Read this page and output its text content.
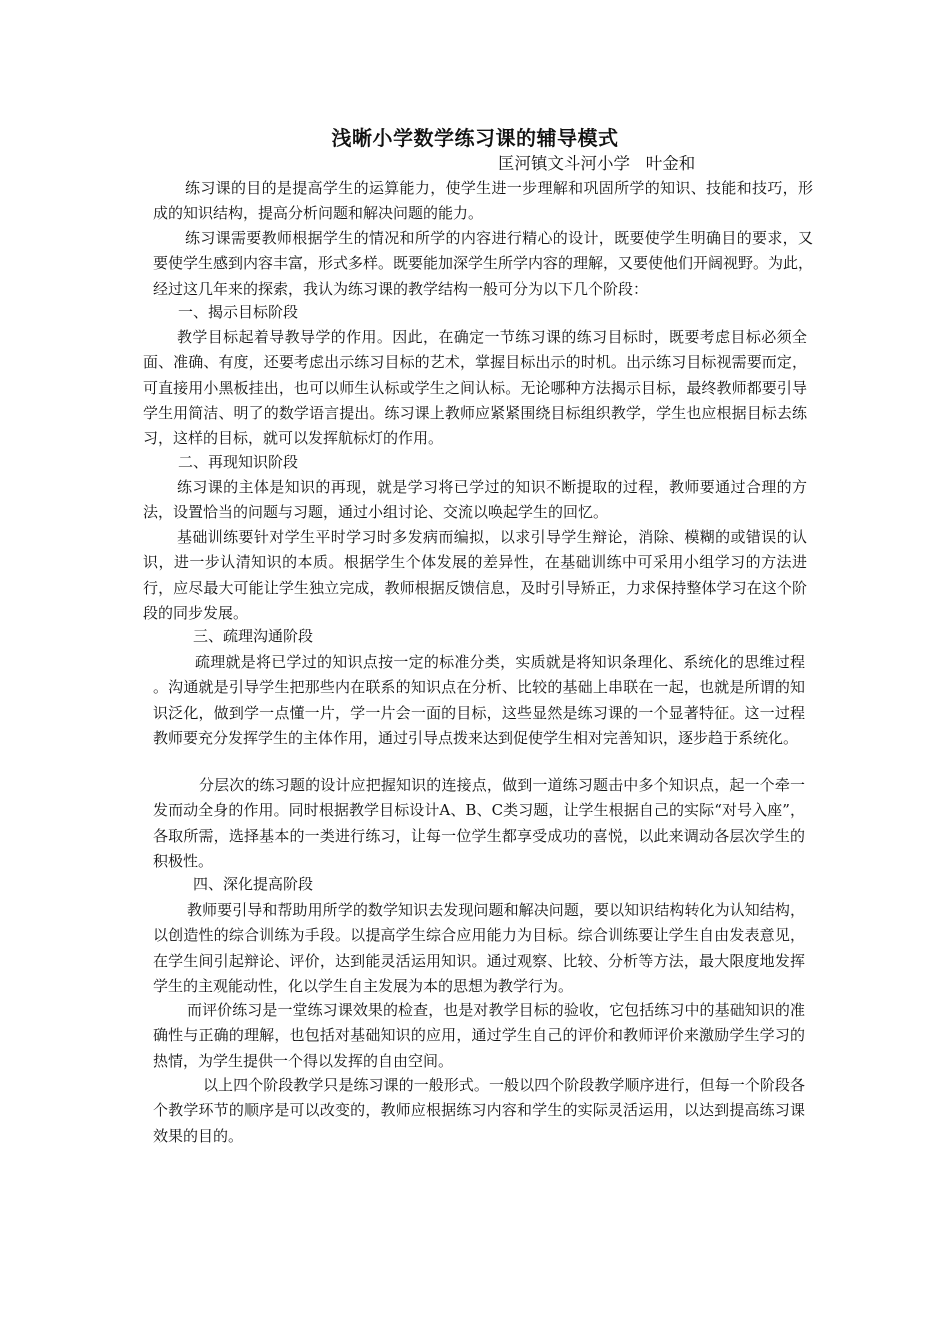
浅晰小学数学练习课的辅导模式
匡河镇文斗河小学   叶金和
练习课的目的是提高学生的运算能力，使学生进一步理解和巩固所学的知识、技能和技巧，形成的知识结构，提高分析问题和解决问题的能力。
练习课需要教师根据学生的情况和所学的内容进行精心的设计，既要使学生明确目的要求，又要使学生感到内容丰富，形式多样。既要能加深学生所学内容的理解，又要使他们开阔视野。为此，经过这几年来的探索，我认为练习课的教学结构一般可分为以下几个阶段：
一、揭示目标阶段
教学目标起着导教导学的作用。因此，在确定一节练习课的练习目标时，既要考虑目标必须全面、准确、有度，还要考虑出示练习目标的艺术，掌握目标出示的时机。出示练习目标视需要而定，可直接用小黑板挂出，也可以师生认标或学生之间认标。无论哪种方法揭示目标，最终教师都要引导学生用简洁、明了的数学语言提出。练习课上教师应紧紧围绕目标组织教学，学生也应根据目标去练习，这样的目标，就可以发挥航标灯的作用。
二、再现知识阶段
练习课的主体是知识的再现，就是学习将已学过的知识不断提取的过程，教师要通过合理的方法，设置恰当的问题与习题，通过小组讨论、交流以唤起学生的回忆。
基础训练要针对学生平时学习时多发病而编拟，以求引导学生辩论，消除、模糊的或错误的认识，进一步认清知识的本质。根据学生个体发展的差异性，在基础训练中可采用小组学习的方法进行，应尽最大可能让学生独立完成，教师根据反馈信息，及时引导矫正，力求保持整体学习在这个阶段的同步发展。
三、疏理沟通阶段
疏理就是将已学过的知识点按一定的标准分类，实质就是将知识条理化、系统化的思维过程 。沟通就是引导学生把那些内在联系的知识点在分析、比较的基础上串联在一起，也就是所谓的知识泛化，做到学一点懂一片，学一片会一面的目标，这些显然是练习课的一个显著特征。这一过程教师要充分发挥学生的主体作用，通过引导点拨来达到促使学生相对完善知识，逐步趋于系统化。
分层次的练习题的设计应把握知识的连接点，做到一道练习题击中多个知识点，起一个牵一发而动全身的作用。同时根据教学目标设计A、B、C类习题，让学生根据自己的实际“对号入座”，各取所需，选择基本的一类进行练习，让每一位学生都享受成功的喜悦，以此来调动各层次学生的积极性。
四、深化提高阶段
教师要引导和帮助用所学的数学知识去发现问题和解决问题，要以知识结构转化为认知结构，以创造性的综合训练为手段。以提高学生综合应用能力为目标。综合训练要让学生自由发表意见，在学生间引起辩论、评价，达到能灵活运用知识。通过观察、比较、分析等方法，最大限度地发挥学生的主观能动性，化以学生自主发展为本的思想为教学行为。
而评价练习是一堂练习课效果的检查，也是对教学目标的验收，它包括练习中的基础知识的准确性与正确的理解，也包括对基础知识的应用，通过学生自己的评价和教师评价来激励学生学习的热情，为学生提供一个得以发挥的自由空间。
以上四个阶段教学只是练习课的一般形式。一般以四个阶段教学顺序进行，但每一个阶段各个教学环节的顺序是可以改变的，教师应根据练习内容和学生的实际灵活运用，以达到提高练习课效果的目的。
